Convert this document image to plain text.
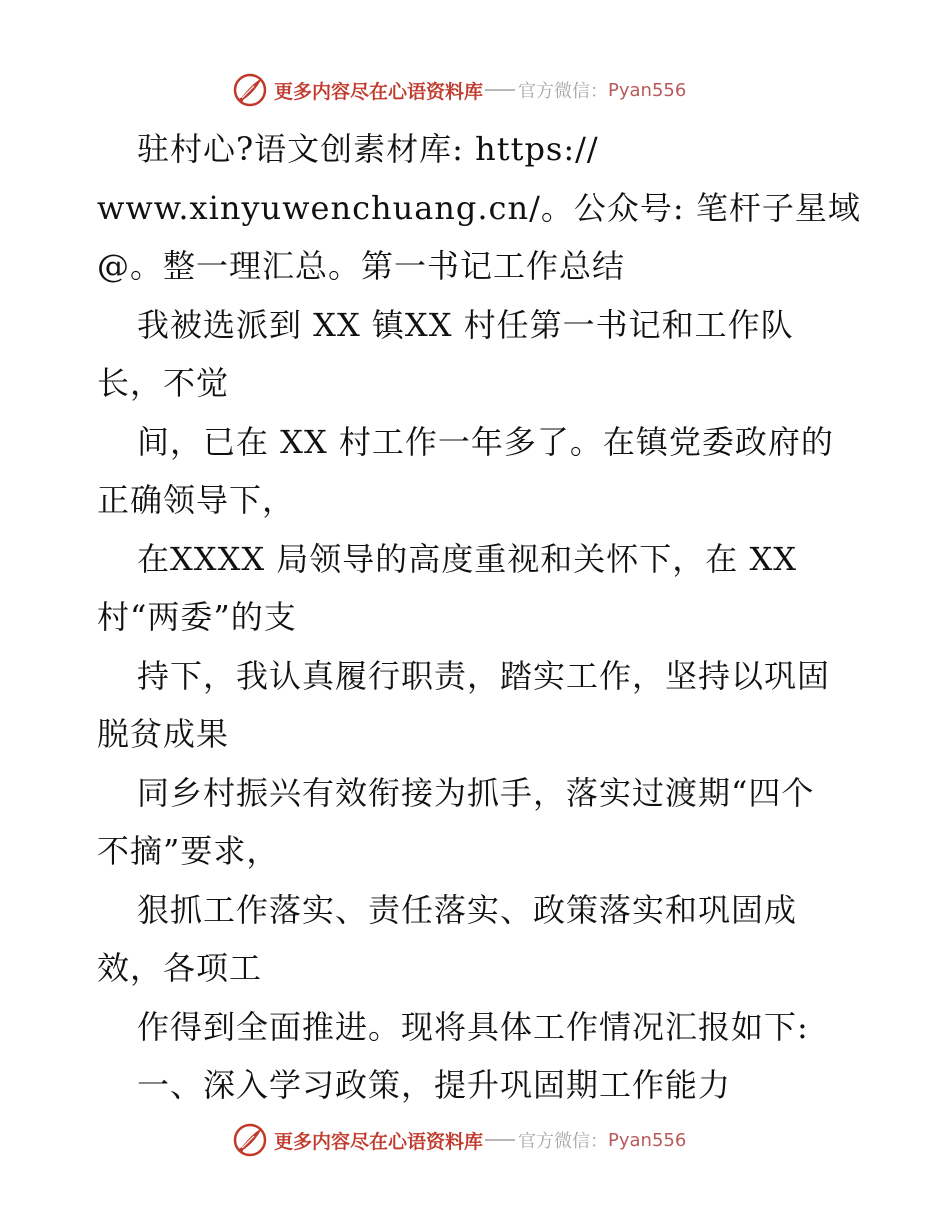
更多内容尽在心语资料库 官方微信： Pyan556
驻村心?语文创素材库: https://
www.xinyuwenchuang.cn/。公众号: 笔杆子星域
@。整一理汇总。第一书记工作总结
我被选派到 XX 镇XX 村任第一书记和工作队
长，不觉
间，已在 XX 村工作一年多了。在镇党委政府的
正确领导下，
在XXXX 局领导的高度重视和关怀下，在 XX
村“两委”的支
持下，我认真履行职责，踏实工作，坚持以巩固
脱贫成果
同乡村振兴有效衔接为抓手，落实过渡期“四个
不摘”要求，
狠抓工作落实、责任落实、政策落实和巩固成
效，各项工
作得到全面推进。现将具体工作情况汇报如下:
一、深入学习政策，提升巩固期工作能力
更多内容尽在心语资料库 官方微信： Pyan556
